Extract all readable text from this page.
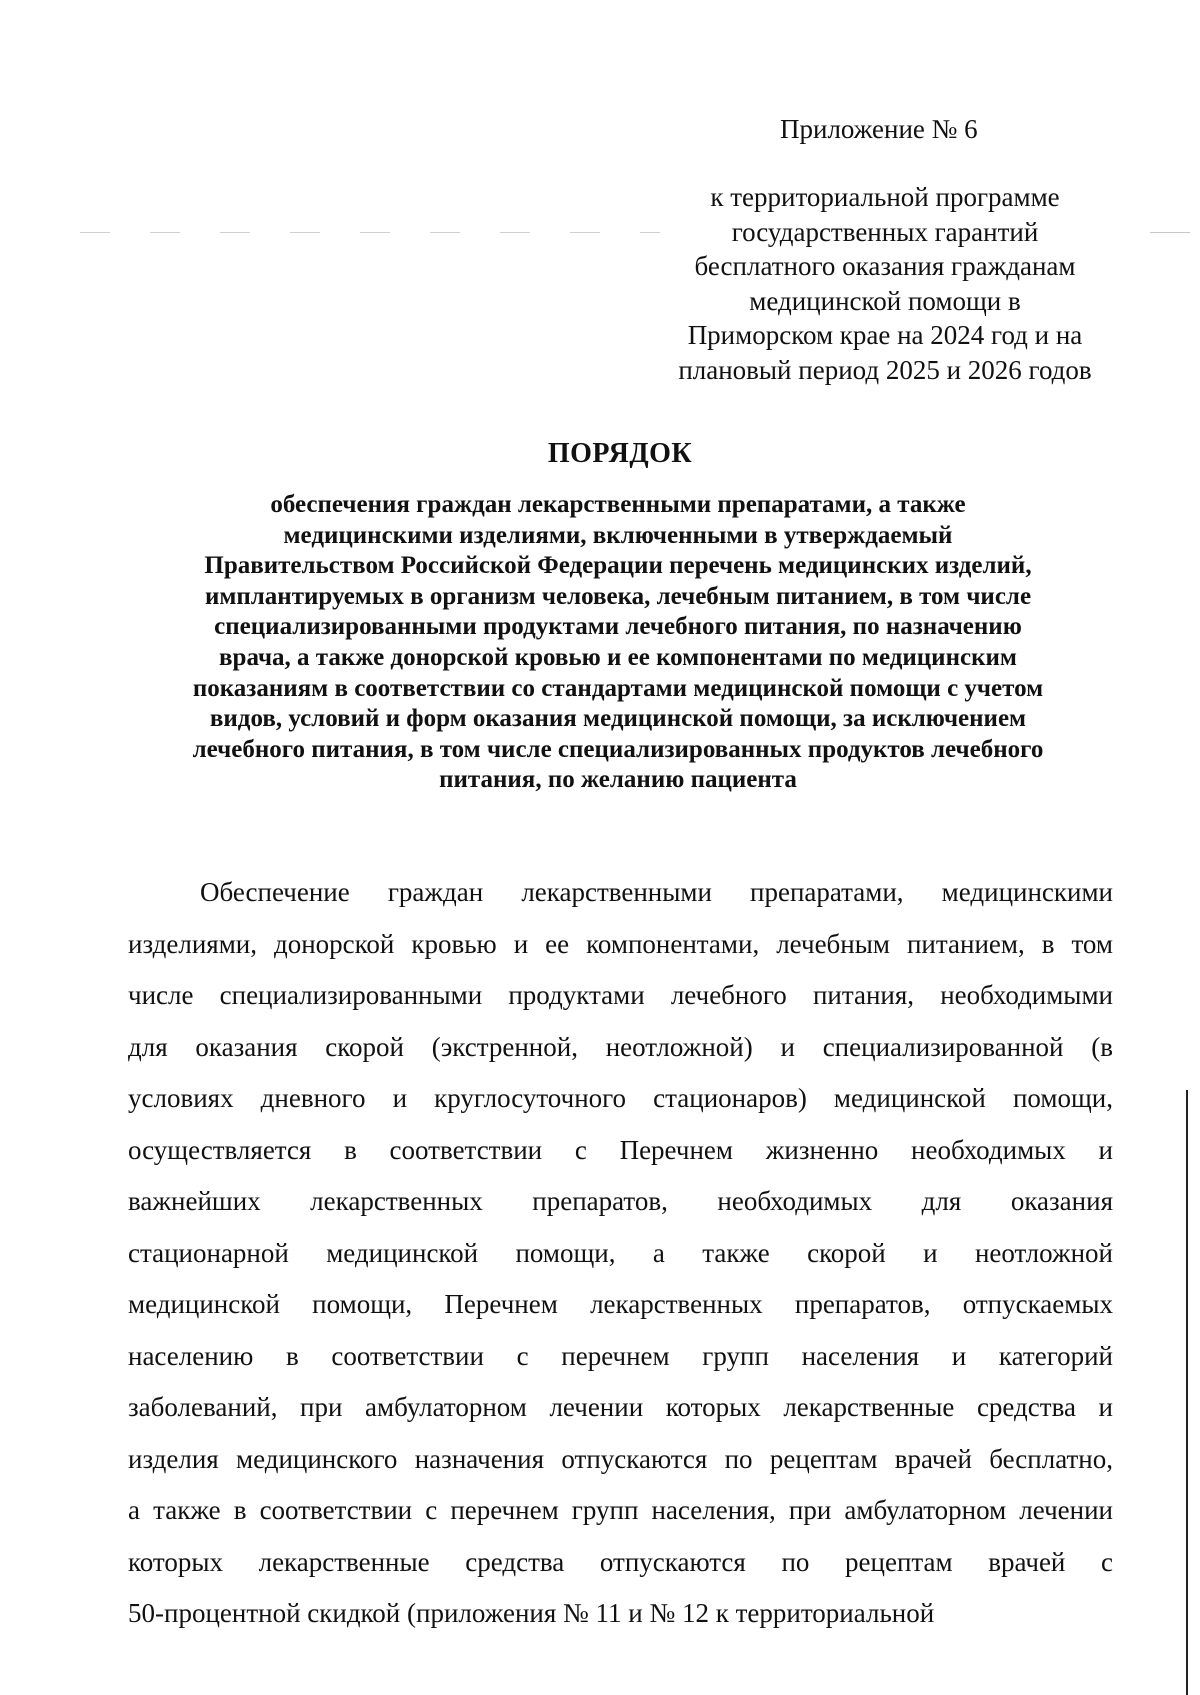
Приложение № 6
к территориальной программе
государственных гарантий
бесплатного оказания гражданам
медицинской помощи в
Приморском крае на 2024 год и на
плановый период 2025 и 2026 годов
ПОРЯДОК
обеспечения граждан лекарственными препаратами, а также
медицинскими изделиями, включенными в утверждаемый
Правительством Российской Федерации перечень медицинских изделий,
имплантируемых в организм человека, лечебным питанием, в том числе
специализированными продуктами лечебного питания, по назначению
врача, а также донорской кровью и ее компонентами по медицинским
показаниям в соответствии со стандартами медицинской помощи с учетом
видов, условий и форм оказания медицинской помощи, за исключением
лечебного питания, в том числе специализированных продуктов лечебного
питания, по желанию пациента
Обеспечение граждан лекарственными препаратами, медицинскими
изделиями, донорской кровью и ее компонентами, лечебным питанием, в том
числе специализированными продуктами лечебного питания, необходимыми
для оказания скорой (экстренной, неотложной) и специализированной (в
условиях дневного и круглосуточного стационаров) медицинской помощи,
осуществляется в соответствии с Перечнем жизненно необходимых и
важнейших лекарственных препаратов, необходимых для оказания
стационарной медицинской помощи, а также скорой и неотложной
медицинской помощи, Перечнем лекарственных препаратов, отпускаемых
населению в соответствии с перечнем групп населения и категорий
заболеваний, при амбулаторном лечении которых лекарственные средства и
изделия медицинского назначения отпускаются по рецептам врачей бесплатно,
а также в соответствии с перечнем групп населения, при амбулаторном лечении
которых лекарственные средства отпускаются по рецептам врачей с
50-процентной скидкой (приложения № 11 и № 12 к территориальной
